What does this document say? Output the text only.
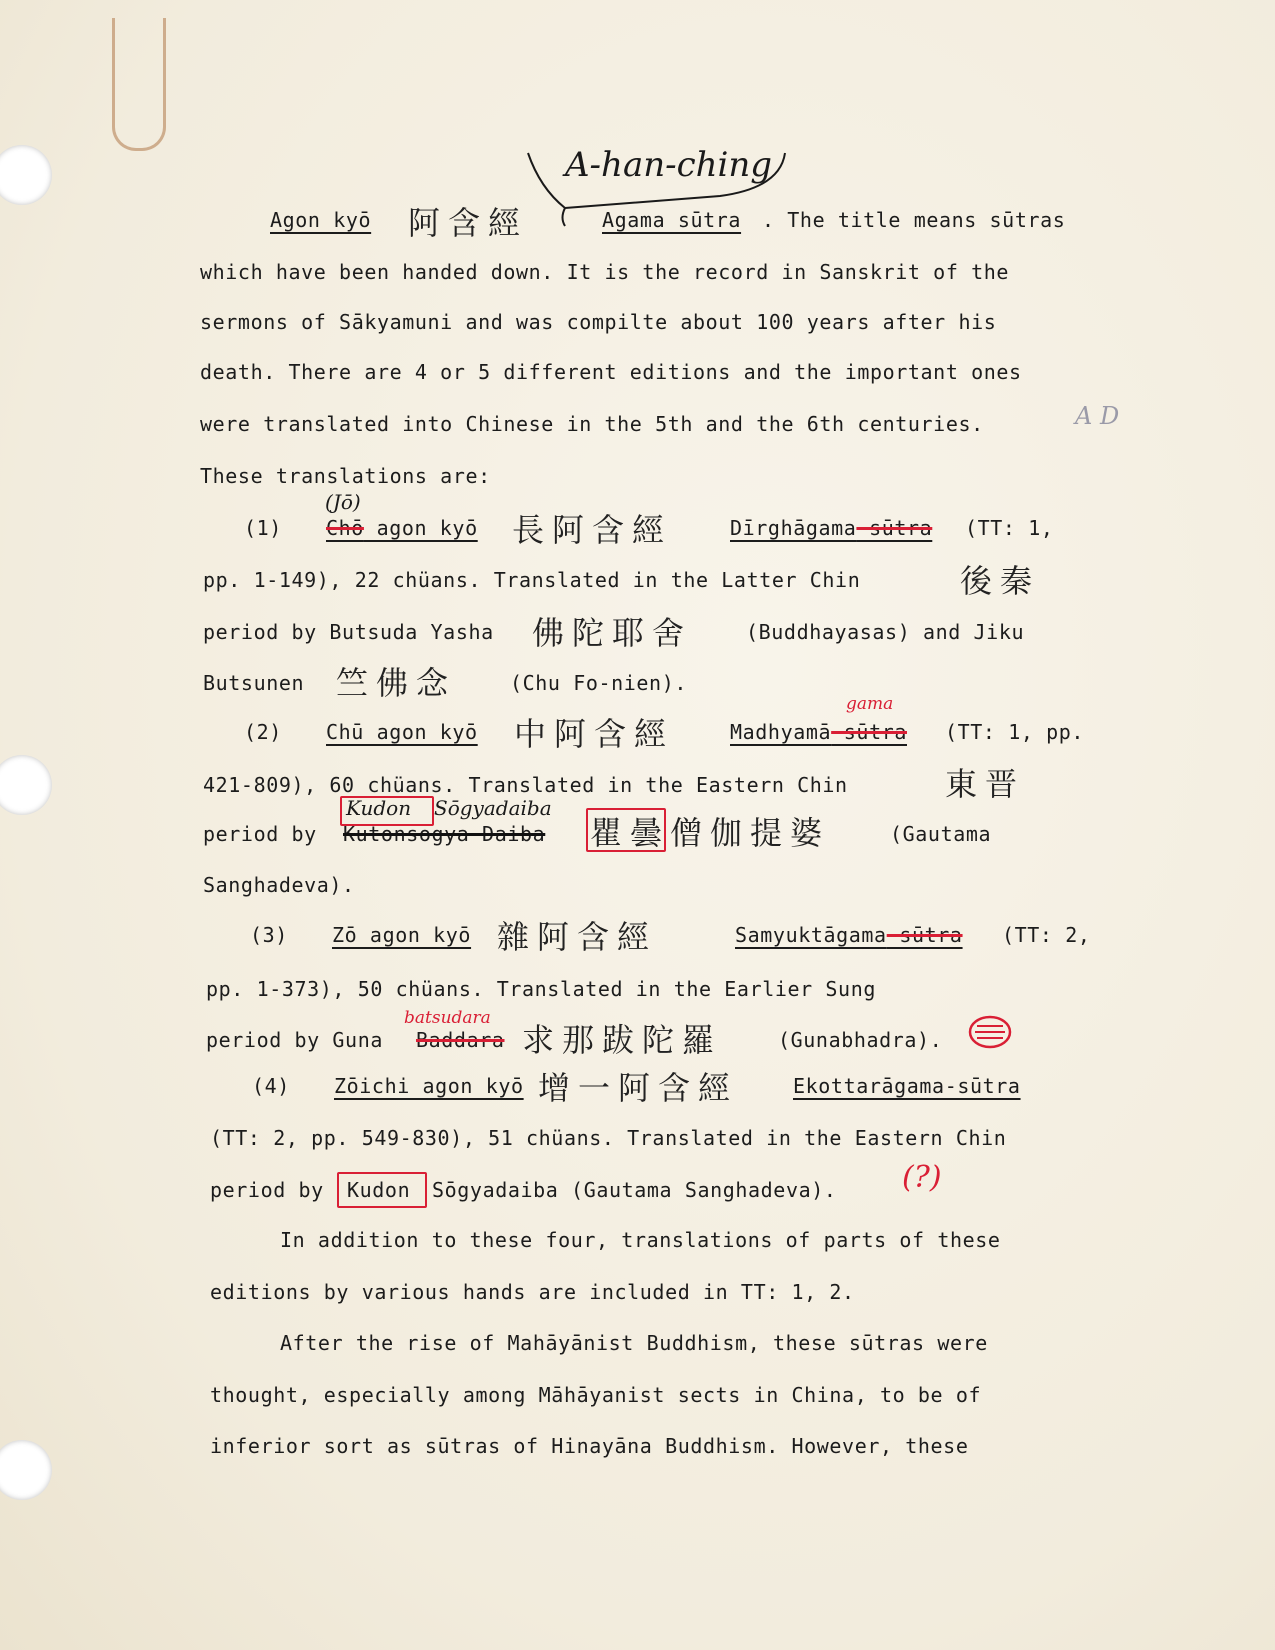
A-han-ching
Agon kyō 阿含經	Agama sūtra . The title means sūtras
which have been handed down. It is the record in Sanskrit of the
sermons of Sākyamuni and was compilte about 100 years after his
death. There are 4 or 5 different editions and the important ones
were translated into Chinese in the 5th and the 6th centuries.	A D
These translations are:
(Jō)
(1) Chō agon kyō 長阿含經	Dīrghāgama-sūtra (TT: 1,
pp. 1-149), 22 chüans. Translated in the Latter Chin	後秦
period by Butsuda Yasha 佛陀耶舍	(Buddhayasas) and Jiku
Butsunen 竺佛念	(Chu Fo-nien).
gama
(2) Chū agon kyō 中阿含經	Madhyamā-sūtra (TT: 1, pp.
421-809), 60 chüans. Translated in the Eastern Chin	東晋
Kudon Sōgyadaiba
period by Kutonsogya Daiba 瞿曇僧伽提婆	(Gautama
Sanghadeva).
(3) Zō agon kyō 雜阿含經	Samyuktāgama-sūtra (TT: 2,
pp. 1-373), 50 chüans. Translated in the Earlier Sung
batsudara
period by Guna Baddara 求那跋陀羅	(Gunabhadra).
(4) Zōichi agon kyō 增一阿含經	Ekottarāgama-sūtra
(TT: 2, pp. 549-830), 51 chüans. Translated in the Eastern Chin
period by Kudon Sōgyadaiba (Gautama Sanghadeva). (?)
In addition to these four, translations of parts of these
editions by various hands are included in TT: 1, 2.
After the rise of Mahāyānist Buddhism, these sūtras were
thought, especially among Māhāyanist sects in China, to be of
inferior sort as sūtras of Hinayāna Buddhism. However, these
